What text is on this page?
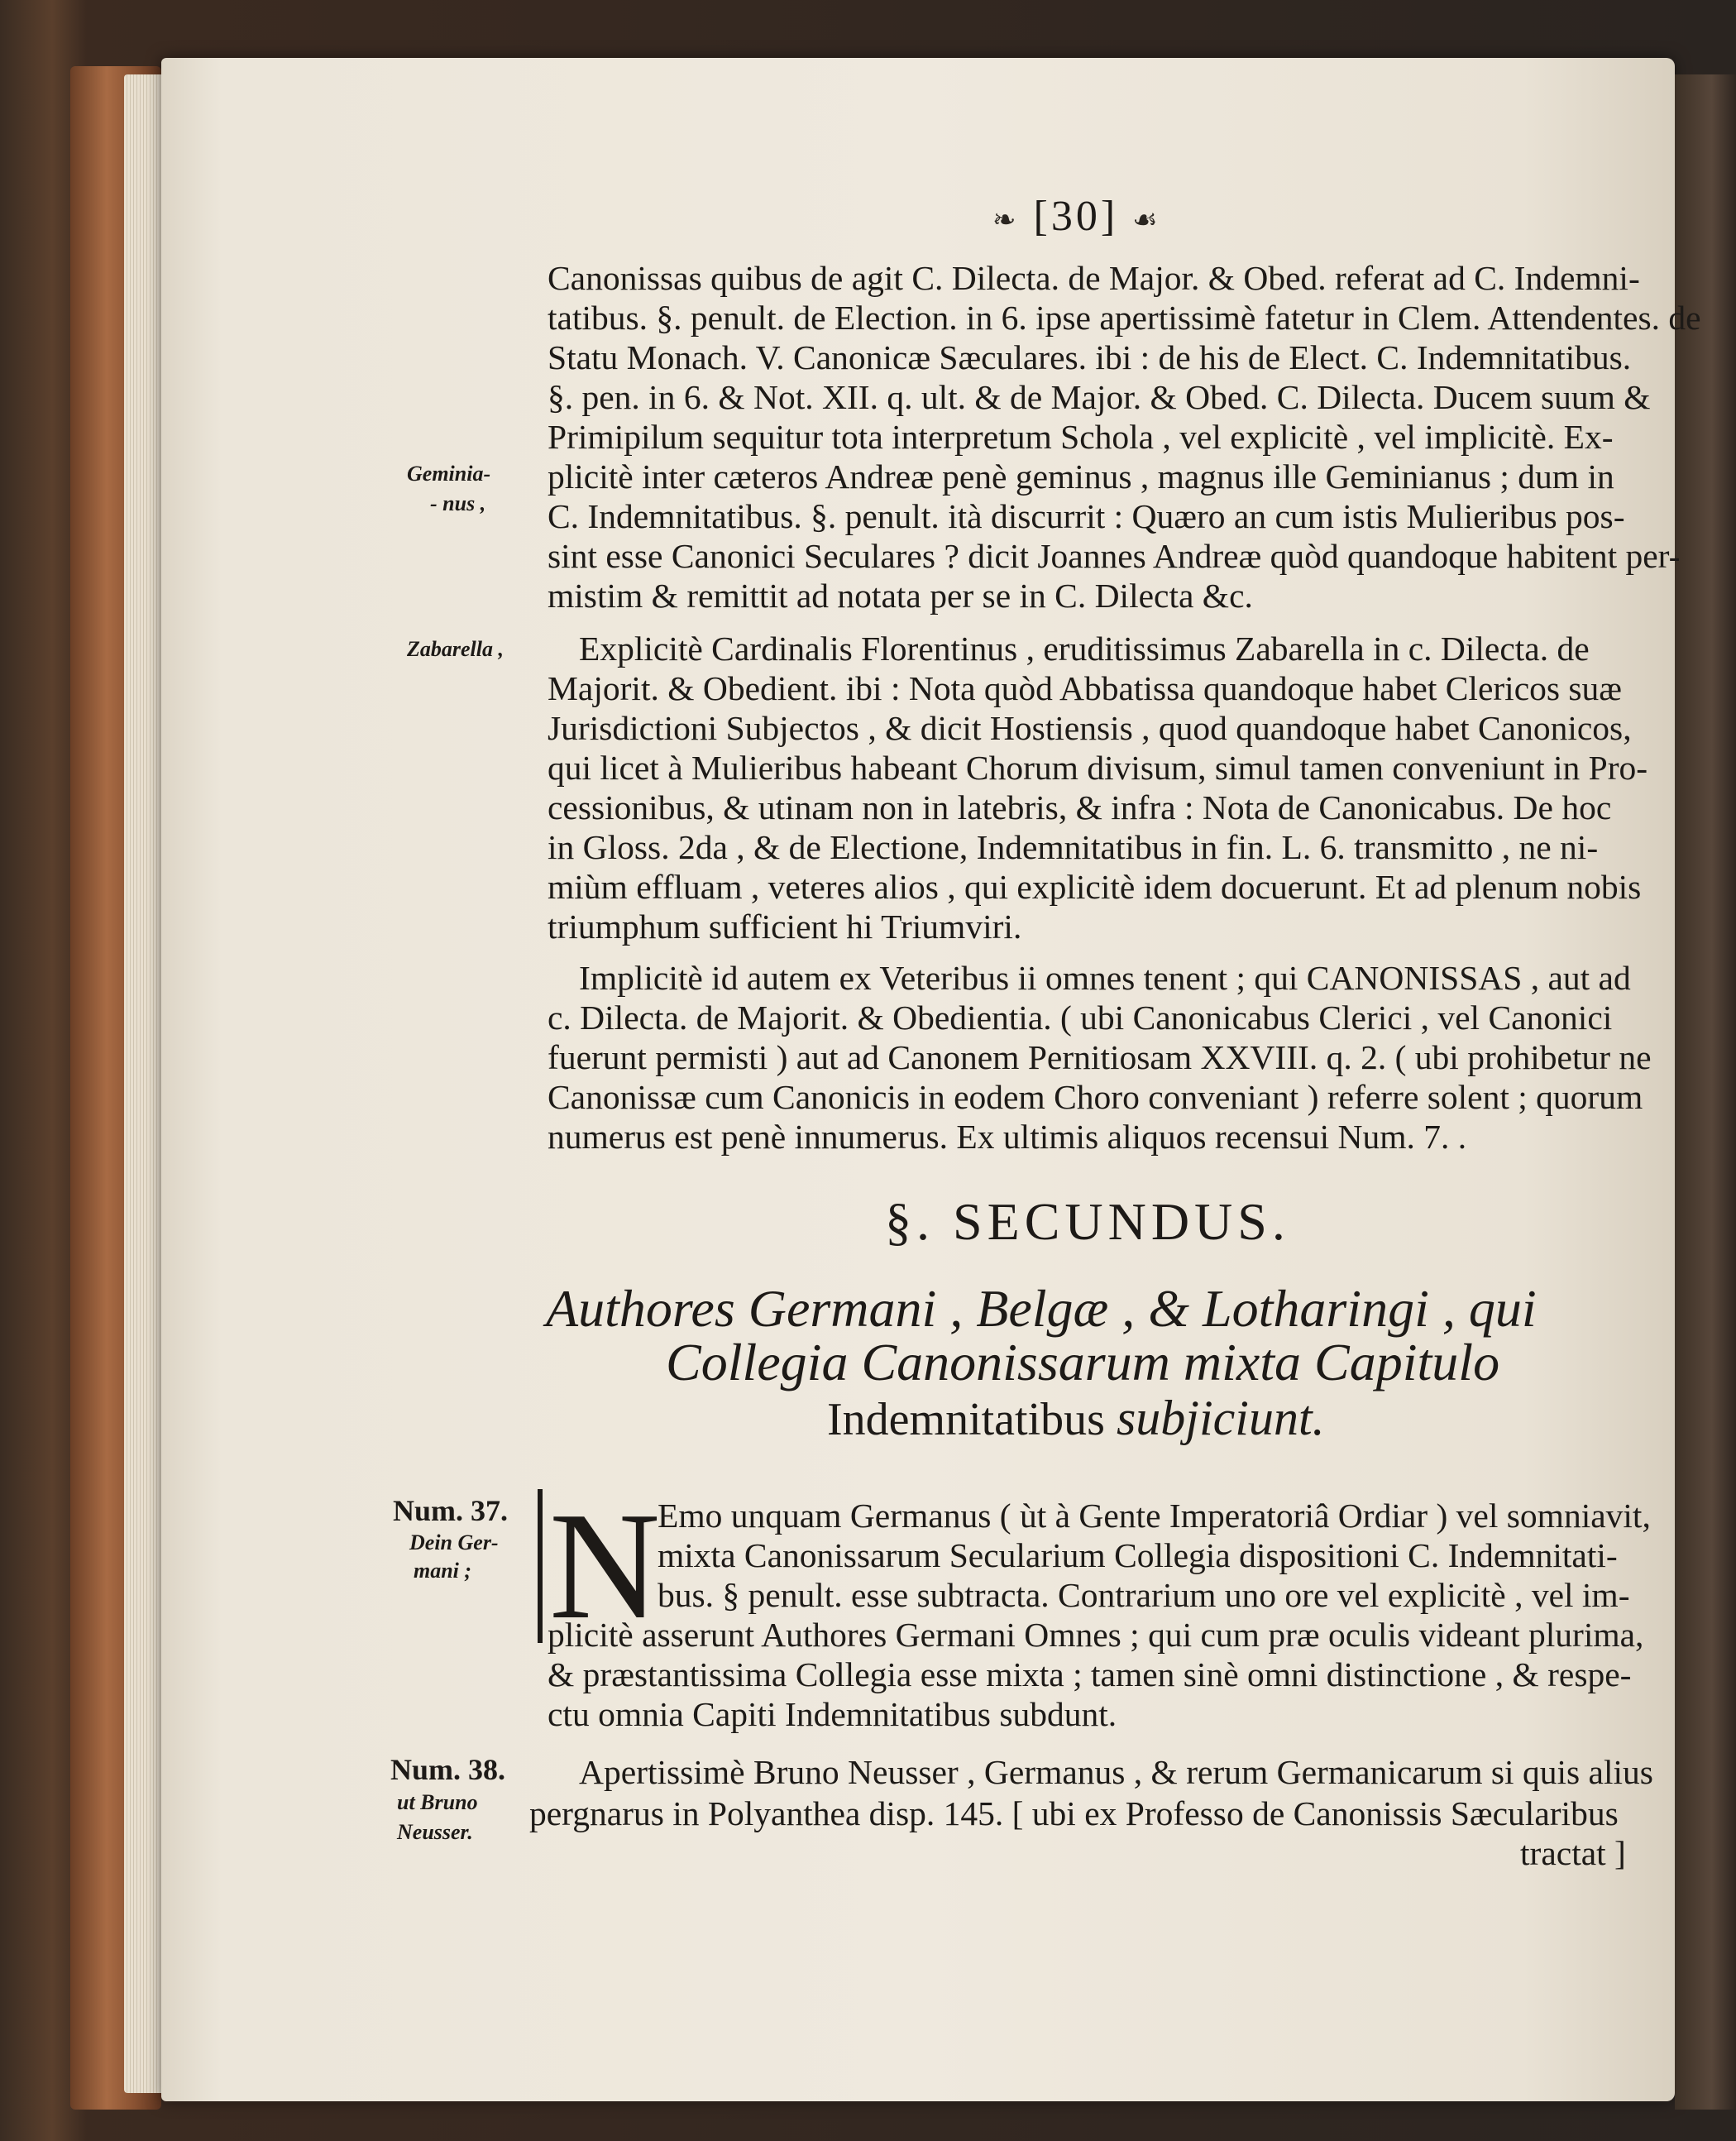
❧ [30] ☙

Canonissas quibus de agit C. Dilecta. de Major. & Obed. referat ad C. Indemni-

tatibus. §. penult. de Election. in 6. ipse apertissimè fatetur in Clem. Attendentes. de

Statu Monach. V. Canonicæ Sæculares. ibi : de his de Elect. C. Indemnitatibus.

§. pen. in 6. & Not. XII. q. ult. & de Major. & Obed. C. Dilecta. Ducem suum &

Primipilum sequitur tota interpretum Schola , vel explicitè , vel implicitè. Ex-

plicitè inter cæteros Andreæ penè geminus , magnus ille Geminianus ; dum in

C. Indemnitatibus. §. penult. ità discurrit : Quæro an cum istis Mulieribus pos-

sint esse Canonici Seculares ? dicit Joannes Andreæ quòd quandoque habitent per-

mistim & remittit ad notata per se in C. Dilecta &c.

Geminia-

- nus ,

Explicitè Cardinalis Florentinus , eruditissimus Zabarella in c. Dilecta. de

Majorit. & Obedient. ibi : Nota quòd Abbatissa quandoque habet Clericos suæ

Jurisdictioni Subjectos , & dicit Hostiensis , quod quandoque habet Canonicos,

qui licet à Mulieribus habeant Chorum divisum, simul tamen conveniunt in Pro-

cessionibus, & utinam non in latebris, & infra : Nota de Canonicabus. De hoc

in Gloss. 2da , & de Electione, Indemnitatibus in fin. L. 6. transmitto , ne ni-

miùm effluam , veteres alios , qui explicitè idem docuerunt. Et ad plenum nobis

triumphum sufficient hi Triumviri.

Zabarella ,

Implicitè id autem ex Veteribus ii omnes tenent ; qui CANONISSAS , aut ad

c. Dilecta. de Majorit. & Obedientia. ( ubi Canonicabus Clerici , vel Canonici

fuerunt permisti ) aut ad Canonem Pernitiosam XXVIII. q. 2. ( ubi prohibetur ne

Canonissæ cum Canonicis in eodem Choro conveniant ) referre solent ; quorum

numerus est penè innumerus. Ex ultimis aliquos recensui Num. 7. .

§. SECUNDUS.

Authores Germani , Belgæ , & Lotharingi , qui

Collegia Canonissarum mixta Capitulo

Indemnitatibus subjiciunt.

N

Emo unquam Germanus ( ùt à Gente Imperatoriâ Ordiar ) vel somniavit,

mixta Canonissarum Secularium Collegia dispositioni C. Indemnitati-

bus. § penult. esse subtracta. Contrarium uno ore vel explicitè , vel im-

plicitè asserunt Authores Germani Omnes ; qui cum præ oculis videant plurima,

& præstantissima Collegia esse mixta ; tamen sinè omni distinctione , & respe-

ctu omnia Capiti Indemnitatibus subdunt.

Num. 37.

Dein Ger-

mani ;

Apertissimè Bruno Neusser , Germanus , & rerum Germanicarum si quis alius

pergnarus in Polyanthea disp. 145. [ ubi ex Professo de Canonissis Sæcularibus

tractat ]

Num. 38.

ut Bruno

Neusser.
